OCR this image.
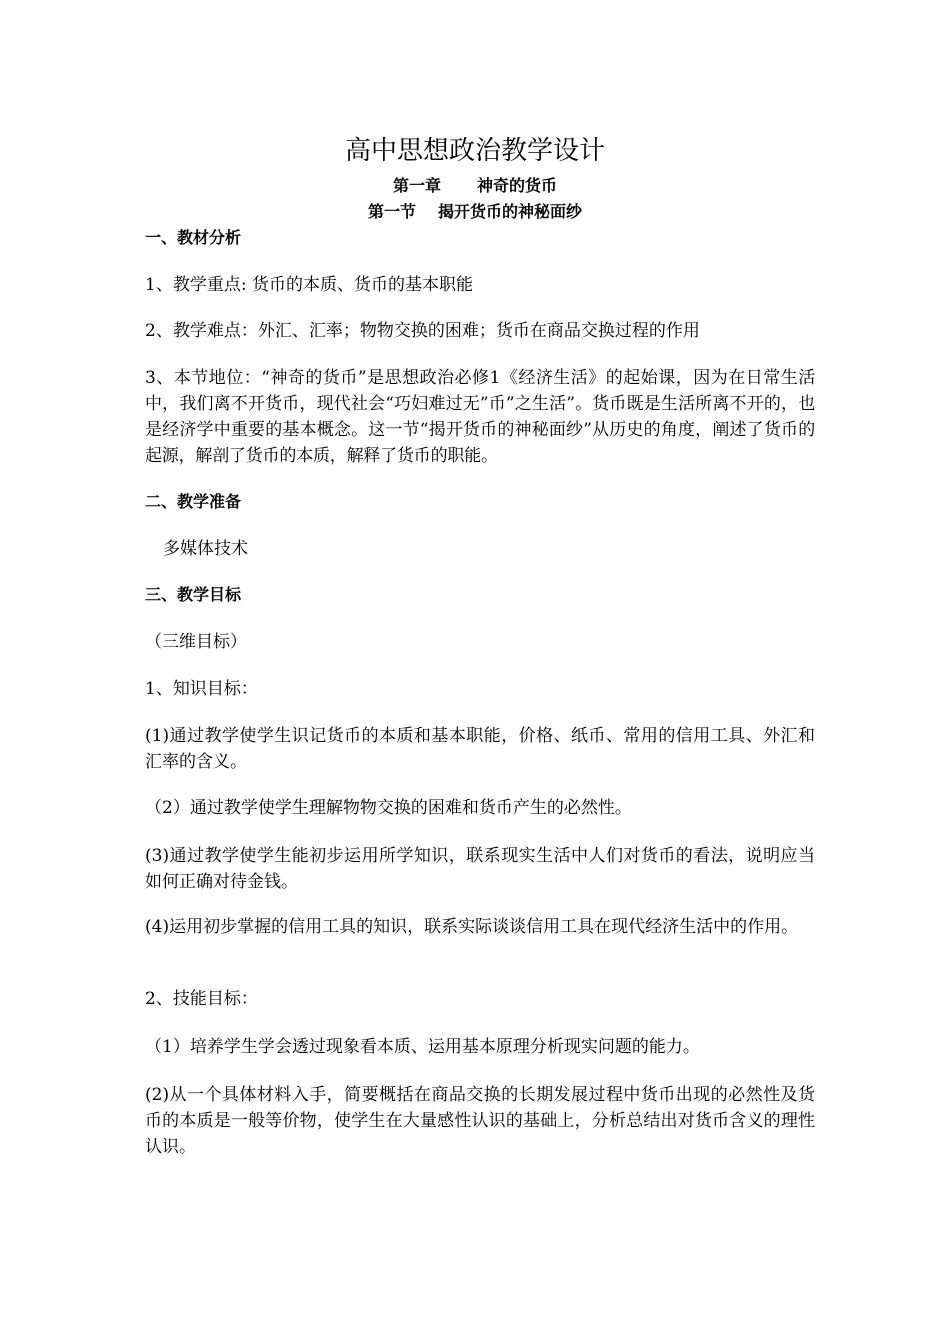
高中思想政治教学设计
第一章 神奇的货币
第一节 揭开货币的神秘面纱
一、教材分析
1、教学重点: 货币的本质、货币的基本职能
2、教学难点：外汇、汇率；物物交换的困难；货币在商品交换过程的作用
3、本节地位：“神奇的货币”是思想政治必修1《经济生活》的起始课，因为在日常生活中，我们离不开货币，现代社会“巧妇难过无”币”之生活”。货币既是生活所离不开的，也是经济学中重要的基本概念。这一节“揭开货币的神秘面纱”从历史的角度，阐述了货币的起源，解剖了货币的本质，解释了货币的职能。
二、教学准备
多媒体技术
三、教学目标
（三维目标）
1、知识目标：
(1)通过教学使学生识记货币的本质和基本职能，价格、纸币、常用的信用工具、外汇和汇率的含义。
（2）通过教学使学生理解物物交换的困难和货币产生的必然性。
(3)通过教学使学生能初步运用所学知识，联系现实生活中人们对货币的看法，说明应当如何正确对待金钱。
(4)运用初步掌握的信用工具的知识，联系实际谈谈信用工具在现代经济生活中的作用。
2、技能目标：
（1）培养学生学会透过现象看本质、运用基本原理分析现实问题的能力。
(2)从一个具体材料入手，简要概括在商品交换的长期发展过程中货币出现的必然性及货币的本质是一般等价物，使学生在大量感性认识的基础上，分析总结出对货币含义的理性认识。
